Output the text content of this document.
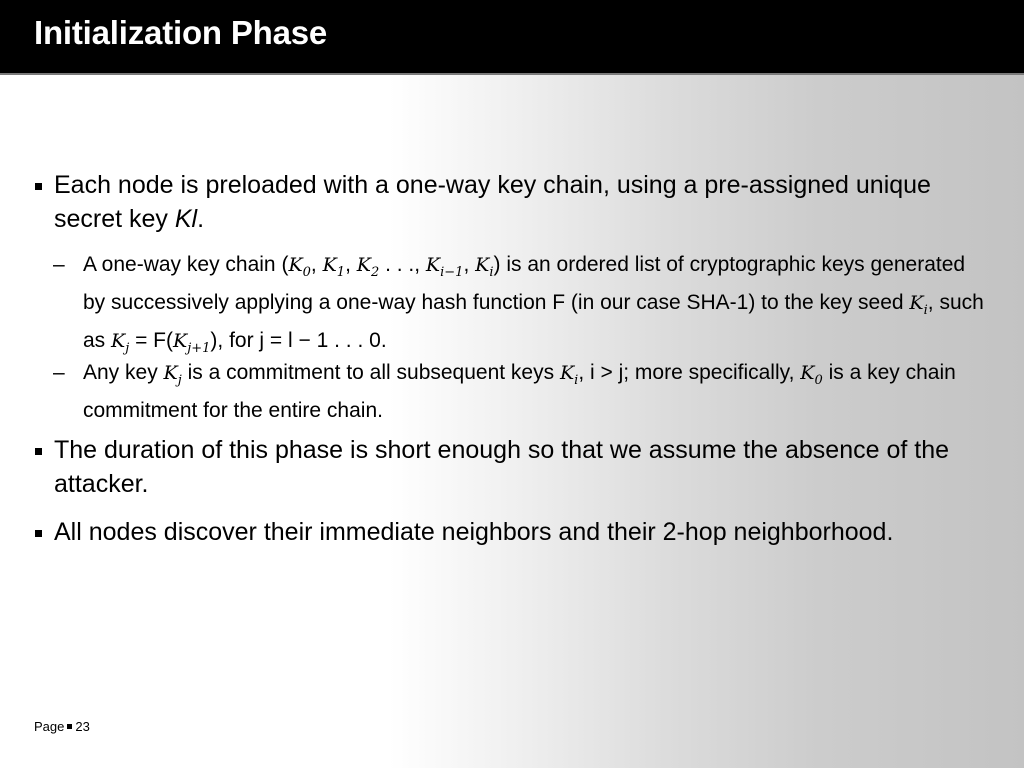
Initialization Phase
Each node is preloaded with a one-way key chain, using a pre-assigned unique secret key Kl.
– A one-way key chain ($K_0$, $K_1$, $K_2$ . . ., $K_{i-1}$, $K_i$) is an ordered list of cryptographic keys generated by successively applying a one-way hash function F (in our case SHA-1) to the key seed $K_i$, such as $K_j = F(K_{j+1})$, for j = l − 1 . . . 0.
– Any key $K_j$ is a commitment to all subsequent keys $K_i$, i > j; more specifically, $K_0$ is a key chain commitment for the entire chain.
The duration of this phase is short enough so that we assume the absence of the attacker.
All nodes discover their immediate neighbors and their 2-hop neighborhood.
Page 23
